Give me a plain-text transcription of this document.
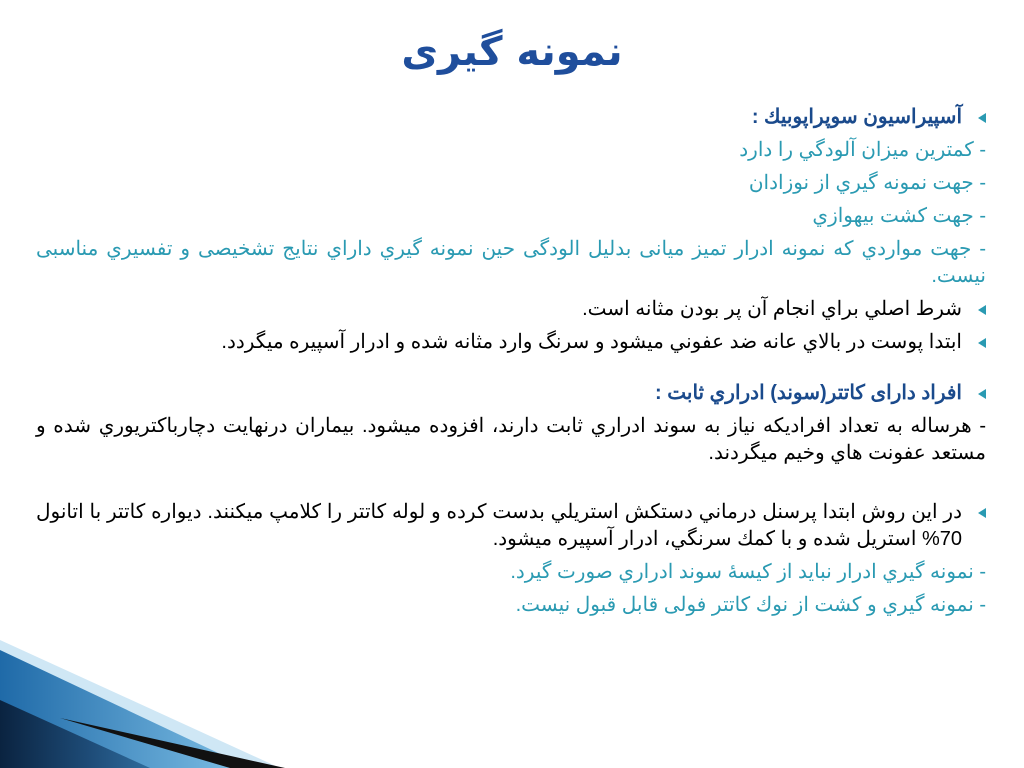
نمونه گیری
آسپيراسيون سوپراپوبيك :
- کمترين ميزان آلودگي را دارد
- جهت نمونه گيري از نوزادان
- جهت كشت بيهوازي
- جهت مواردي كه نمونه ادرار تميز ميانی بدليل الودگی حين نمونه گيري داراي نتايج تشخيصی و تفسيري مناسبی نيست.
شرط اصلي براي انجام آن پر بودن مثانه است.
ابتدا پوست در بالاي عانه ضد عفوني ميشود و سرنگ وارد مثانه شده و ادرار آسپيره ميگردد.
افراد داراى كاتتر(سوند) ادراري ثابت :
- هرساله به تعداد افراديكه نياز به سوند ادراري ثابت دارند، افزوده ميشود. بيماران درنهايت دچارباكتريوري شده و مستعد عفونت هاي وخيم ميگردند.
در اين روش ابتدا پرسنل درماني دستكش استريلي بدست كرده و لوله كاتتر را كلامپ ميكنند. ديواره كاتتر با اتانول 70% استريل شده و با كمك سرنگي، ادرار آسپيره ميشود.
- نمونه گيري ادرار نبايد از كيسهٔ سوند ادراري صورت گيرد.
- نمونه گيري و كشت از نوك كاتتر فولی قابل قبول نيست.
